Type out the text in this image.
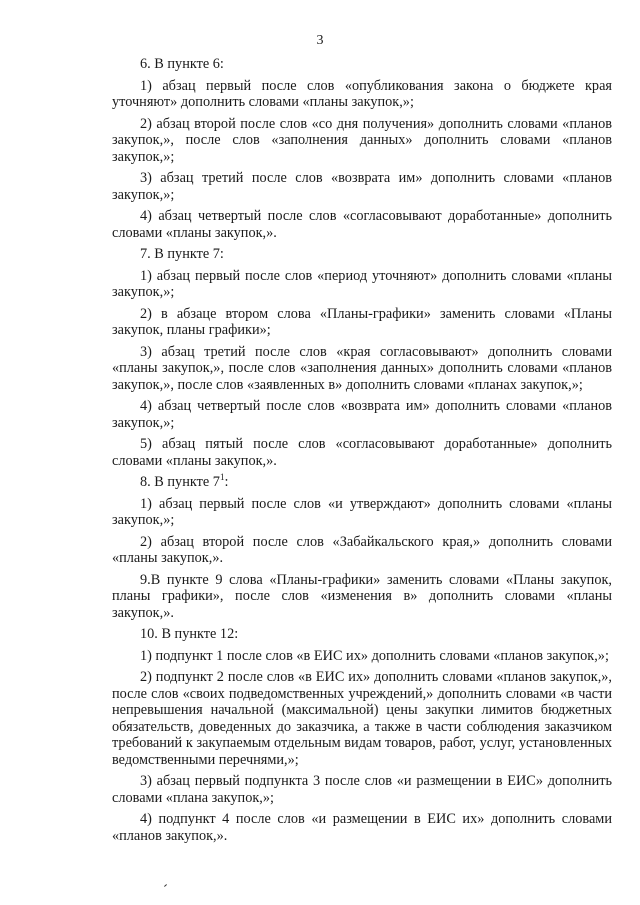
3

6. В пункте 6:

1) абзац первый после слов «опубликования закона о бюджете края уточняют» дополнить словами «планы закупок,»;

2) абзац второй после слов «со дня получения» дополнить словами «планов закупок,», после слов «заполнения данных» дополнить словами «планов закупок,»;

3) абзац третий после слов «возврата им» дополнить словами «планов закупок,»;

4) абзац четвертый после слов «согласовывают доработанные» дополнить словами «планы закупок,».

7. В пункте 7:

1) абзац первый после слов «период уточняют» дополнить словами «планы закупок,»;

2) в абзаце втором слова «Планы-графики» заменить словами «Планы закупок, планы графики»;

3) абзац третий после слов «края согласовывают» дополнить словами «планы закупок,», после слов «заполнения данных» дополнить словами «планов закупок,», после слов «заявленных в» дополнить словами «планах закупок,»;

4) абзац четвертый после слов «возврата им» дополнить словами «планов закупок,»;

5) абзац пятый после слов «согласовывают доработанные» дополнить словами «планы закупок,».

8. В пункте $7^1$:

1) абзац первый после слов «и утверждают» дополнить словами «планы закупок,»;

2) абзац второй после слов «Забайкальского края,» дополнить словами «планы закупок,».

9.В пункте 9 слова «Планы-графики» заменить словами «Планы закупок, планы графики», после слов «изменения в» дополнить словами «планы закупок,».

10. В пункте 12:

1) подпункт 1 после слов «в ЕИС их» дополнить словами «планов закупок,»;

2) подпункт 2 после слов «в ЕИС их» дополнить словами «планов закупок,», после слов «своих подведомственных учреждений,» дополнить словами «в части непревышения начальной (максимальной) цены закупки лимитов бюджетных обязательств, доведенных до заказчика, а также в части соблюдения заказчиком требований к закупаемым отдельным видам товаров, работ, услуг, установленных ведомственными перечнями,»;

3) абзац первый подпункта 3 после слов «и размещении в ЕИС» дополнить словами «плана закупок,»;

4) подпункт 4 после слов «и размещении в ЕИС их» дополнить словами «планов закупок,».
